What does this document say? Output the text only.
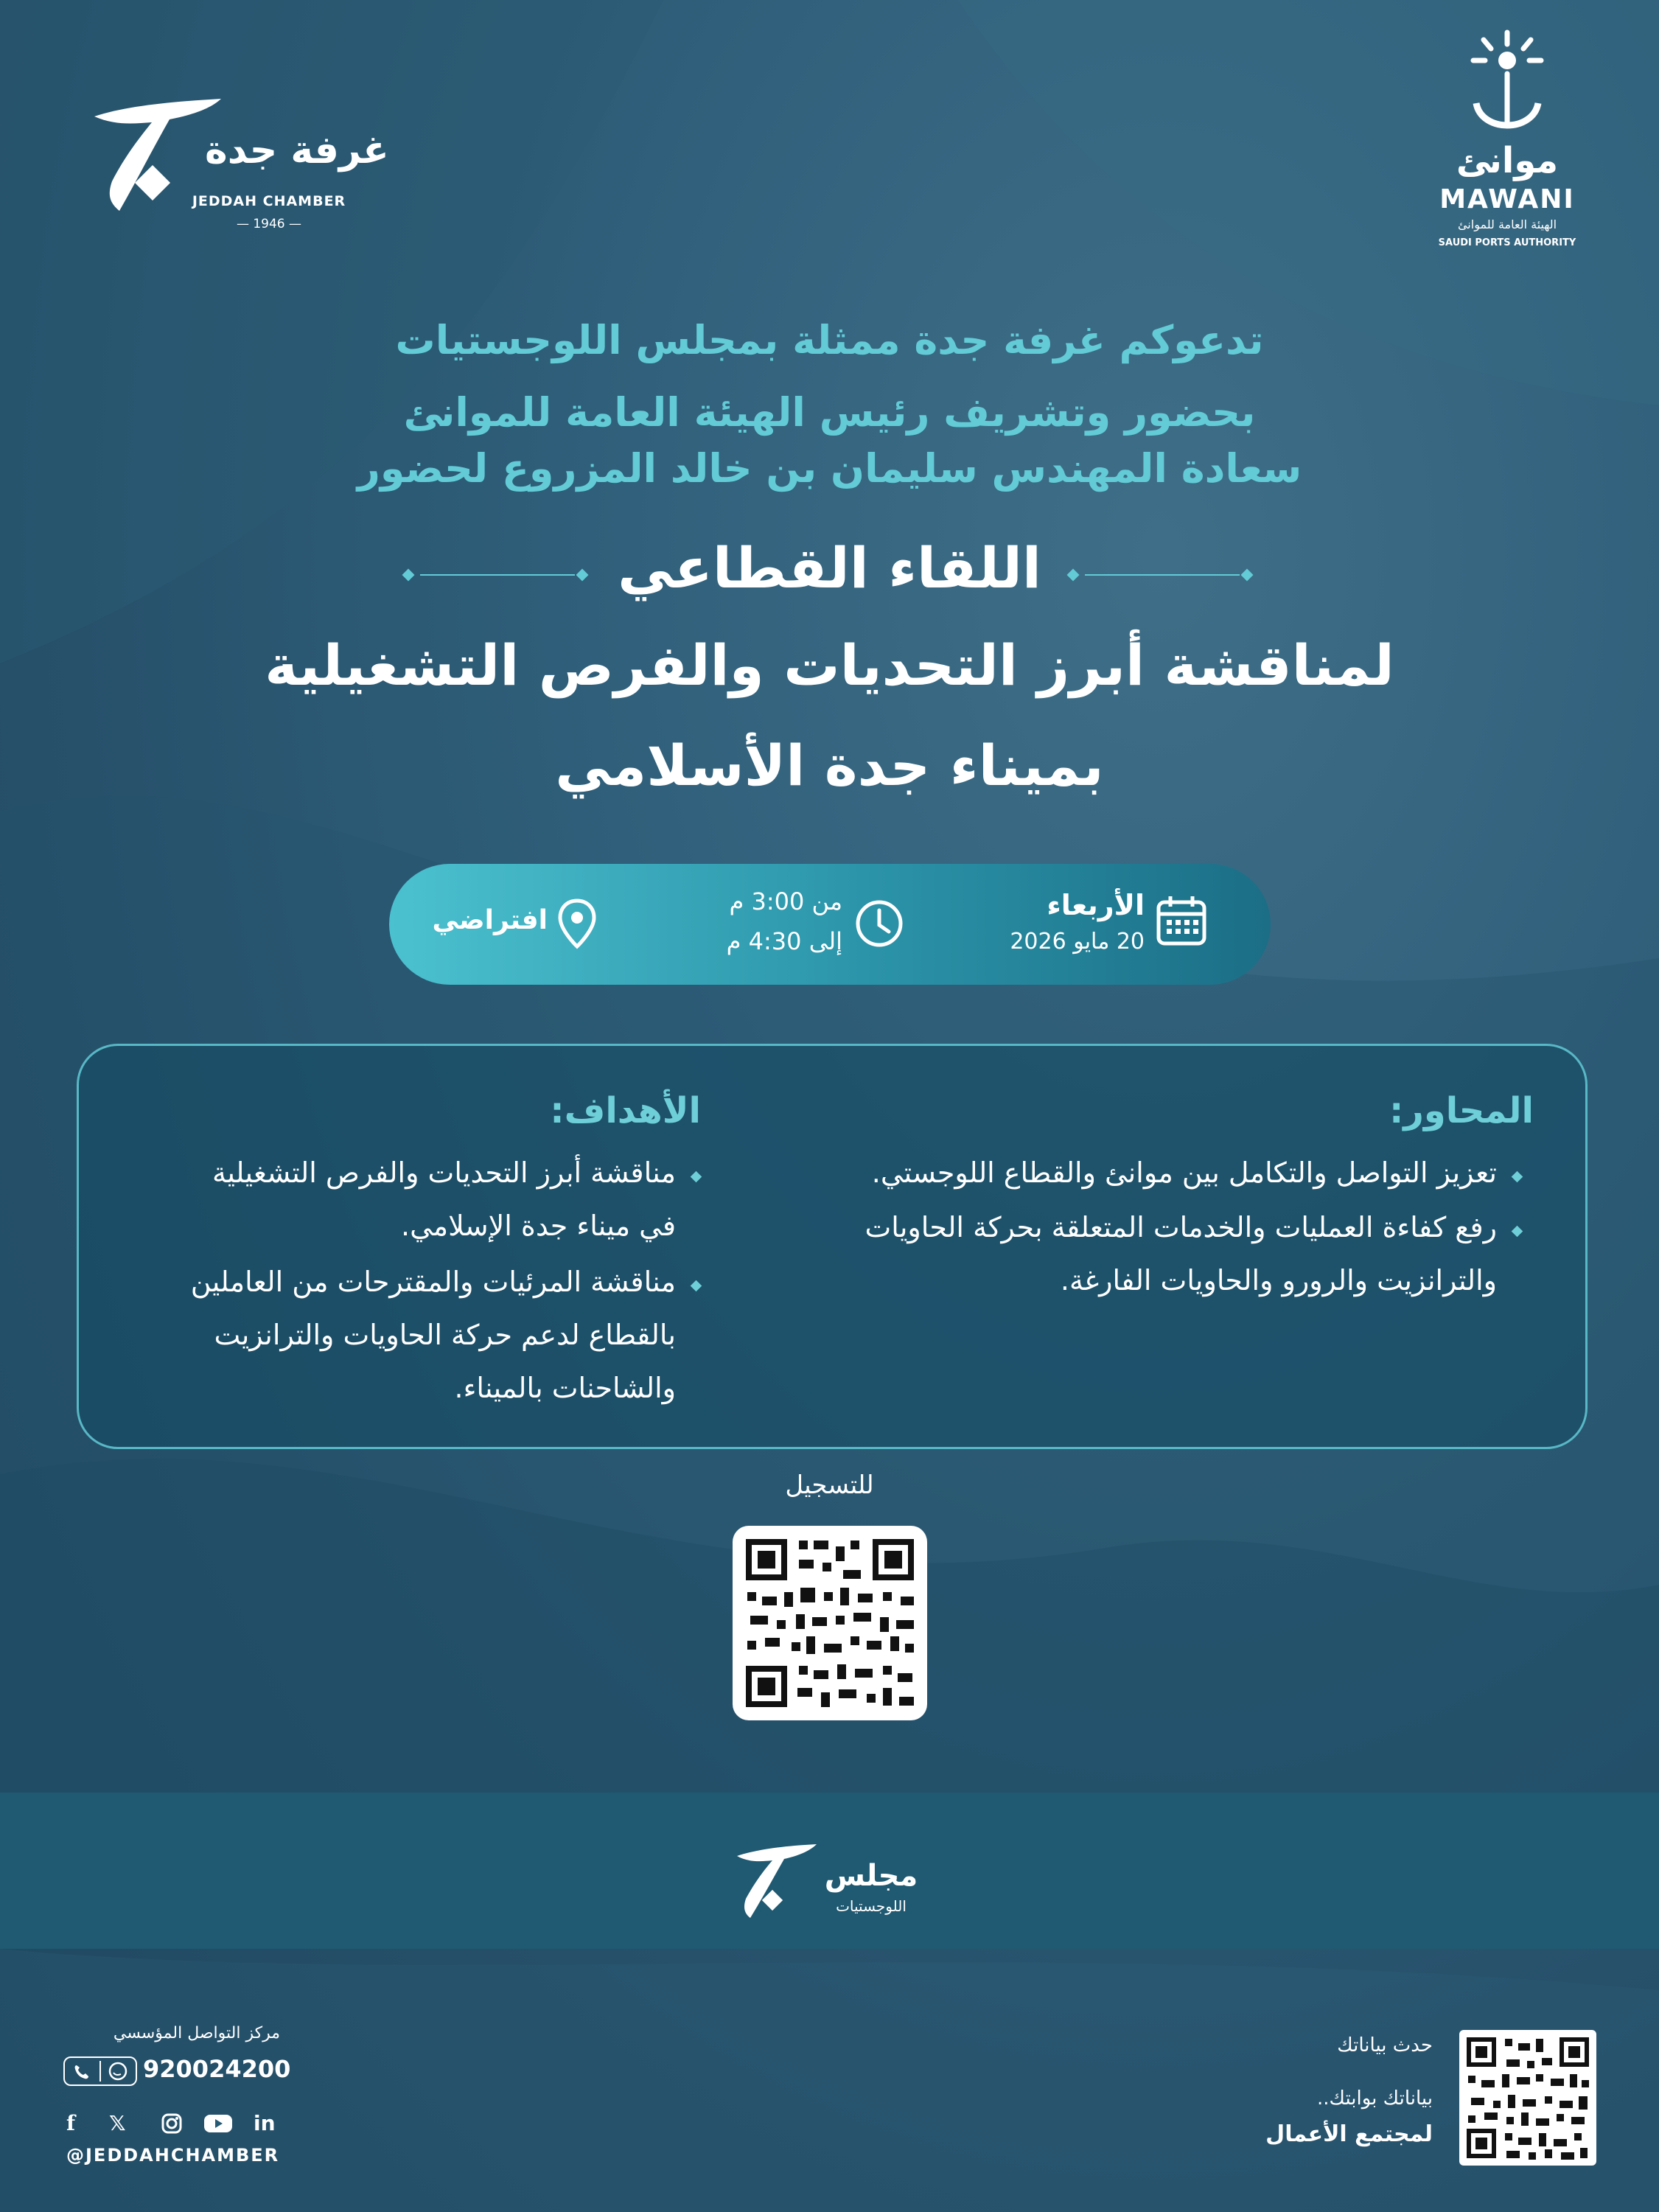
غرفة جدة
JEDDAH CHAMBER
— 1946 —
موانئ
MAWANI
الهيئة العامة للموانئ
SAUDI PORTS AUTHORITY
تدعوكم غرفة جدة ممثلة بمجلس اللوجستيات
بحضور وتشريف رئيس الهيئة العامة للموانئ
سعادة المهندس سليمان بن خالد المزروع لحضور
اللقاء القطاعي
لمناقشة أبرز التحديات والفرص التشغيلية
بميناء جدة الأسلامي
الأربعاء
20 مايو 2026
من 3:00 م
إلى 4:30 م
افتراضي
المحاور:
تعزيز التواصل والتكامل بين موانئ والقطاع اللوجستي.
رفع كفاءة العمليات والخدمات المتعلقة بحركة الحاويات
والترانزيت والرورو والحاويات الفارغة.
الأهداف:
مناقشة أبرز التحديات والفرص التشغيلية
في ميناء جدة الإسلامي.
مناقشة المرئيات والمقترحات من العاملين
بالقطاع لدعم حركة الحاويات والترانزيت
والشاحنات بالميناء.
للتسجيل
مجلس
اللوجستيات
مركز التواصل المؤسسي
920024200
f 𝕏	in
@JEDDAHCHAMBER
حدث بياناتك
بياناتك بوابتك..
لمجتمع الأعمال
